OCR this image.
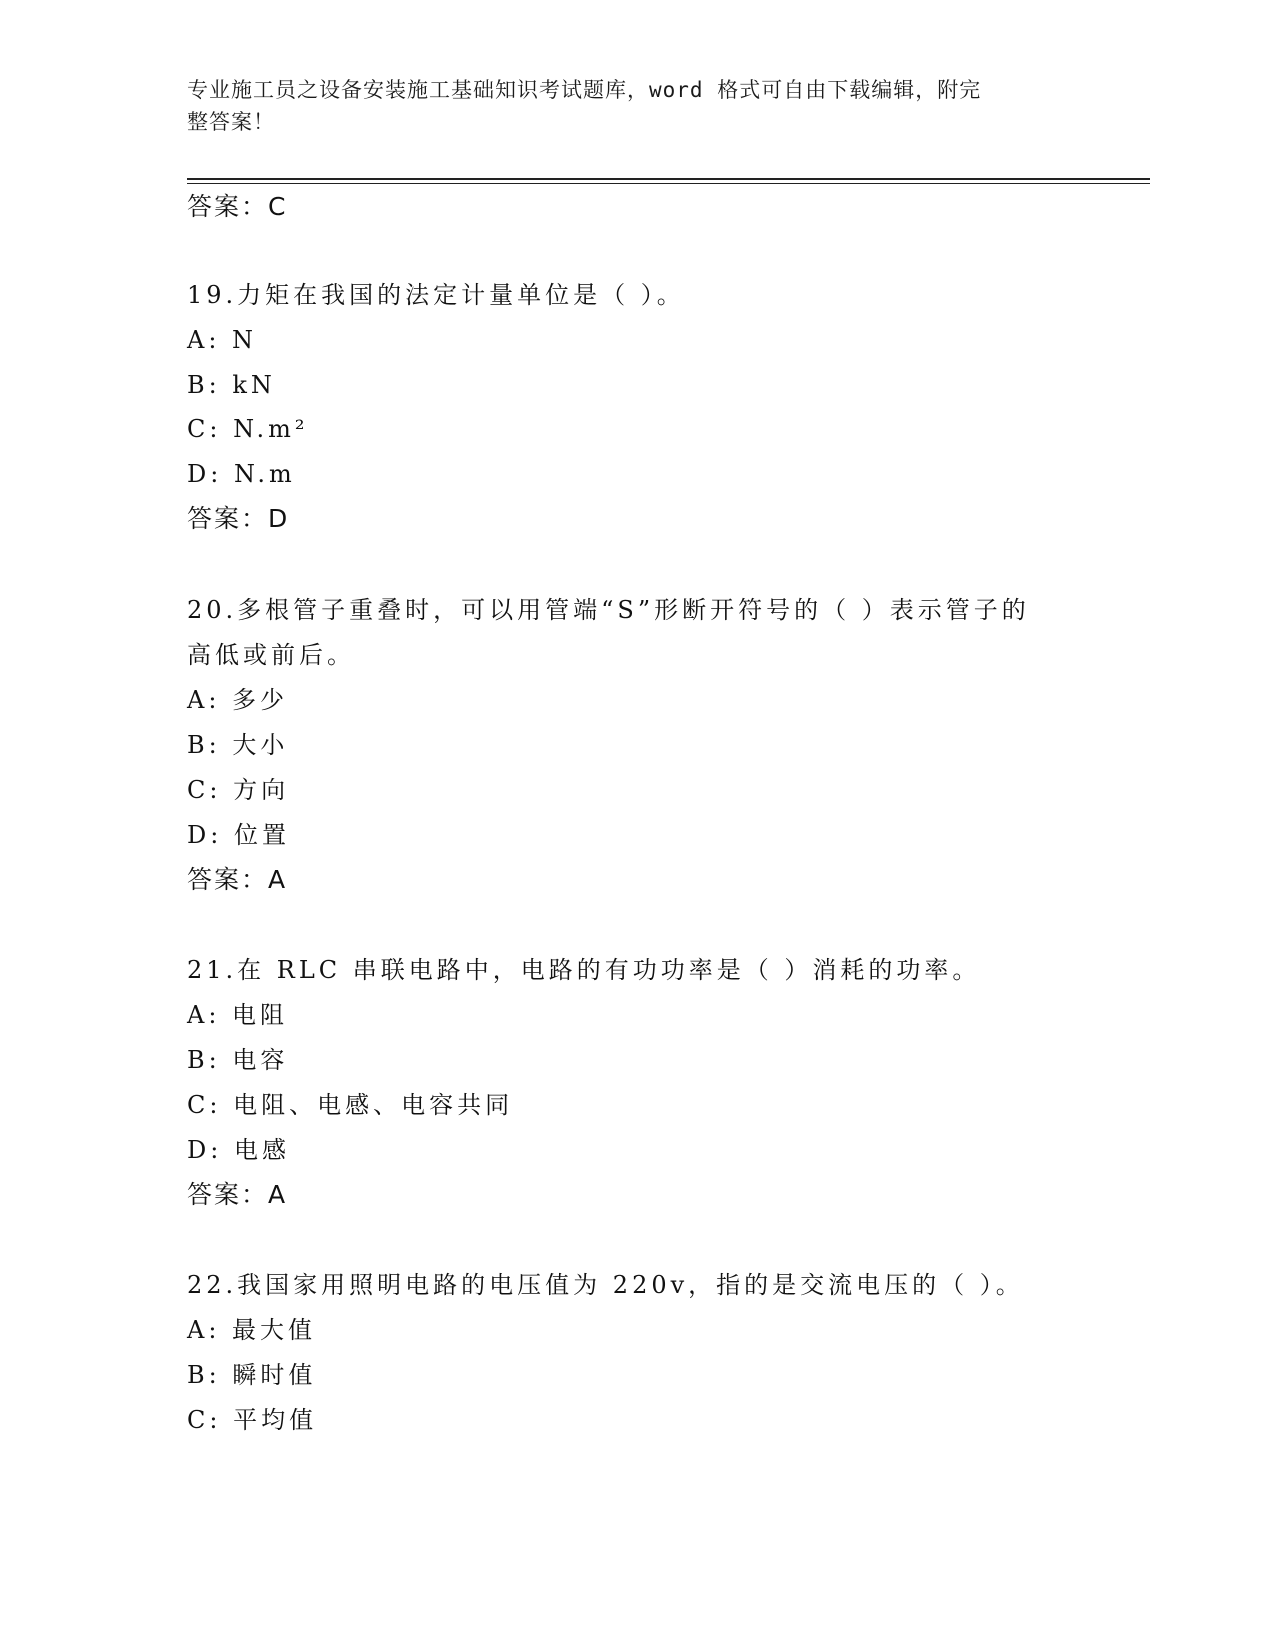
专业施工员之设备安装施工基础知识考试题库，word 格式可自由下载编辑，附完
整答案！
答案：C
19.力矩在我国的法定计量单位是（ ）。
A: N
B: kN
C: N.m²
D: N.m
答案：D
20.多根管子重叠时，可以用管端“S”形断开符号的（ ）表示管子的
高低或前后。
A: 多少
B: 大小
C: 方向
D: 位置
答案：A
21.在 RLC 串联电路中，电路的有功功率是（ ）消耗的功率。
A: 电阻
B: 电容
C: 电阻、电感、电容共同
D: 电感
答案：A
22.我国家用照明电路的电压值为 220v，指的是交流电压的（ ）。
A: 最大值
B: 瞬时值
C: 平均值
